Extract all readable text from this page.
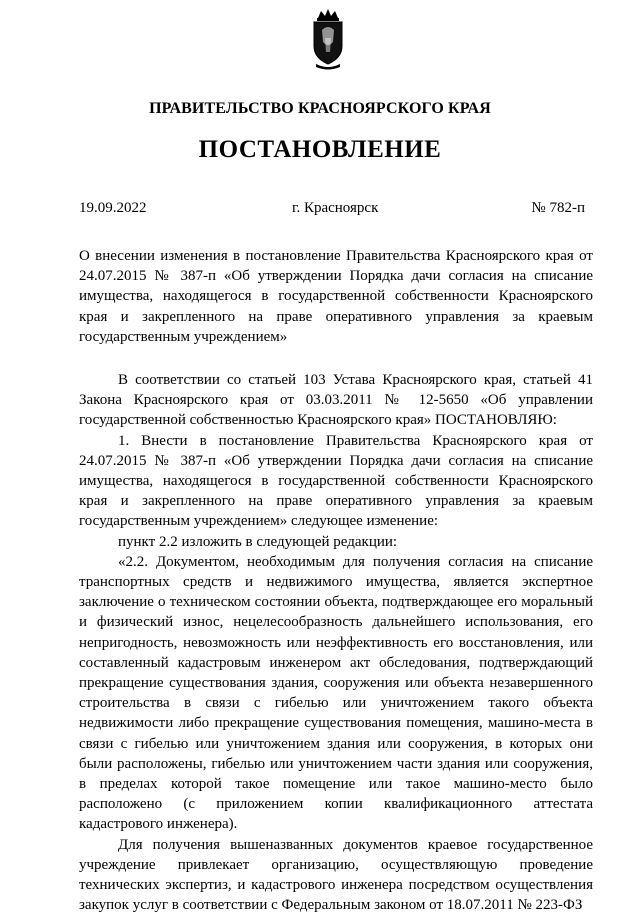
ПРАВИТЕЛЬСТВО КРАСНОЯРСКОГО КРАЯ
ПОСТАНОВЛЕНИЕ
19.09.2022	г. Красноярск	№ 782-п

О внесении изменения в постановление Правительства Красноярского края от 24.07.2015 № 387-п «Об утверждении Порядка дачи согласия на списание имущества, находящегося в государственной собственности Красноярского края и закрепленного на праве оперативного управления за краевым государственным учреждением»

В соответствии со статьей 103 Устава Красноярского края, статьей 41 Закона Красноярского края от 03.03.2011 № 12-5650 «Об управлении государственной собственностью Красноярского края» ПОСТАНОВЛЯЮ:

1. Внести в постановление Правительства Красноярского края от 24.07.2015 № 387-п «Об утверждении Порядка дачи согласия на списание имущества, находящегося в государственной собственности Красноярского края и закрепленного на праве оперативного управления за краевым государственным учреждением» следующее изменение:

пункт 2.2 изложить в следующей редакции:

«2.2. Документом, необходимым для получения согласия на списание транспортных средств и недвижимого имущества, является экспертное заключение о техническом состоянии объекта, подтверждающее его моральный и физический износ, нецелесообразность дальнейшего использования, его непригодность, невозможность или неэффективность его восстановления, или составленный кадастровым инженером акт обследования, подтверждающий прекращение существования здания, сооружения или объекта незавершенного строительства в связи с гибелью или уничтожением такого объекта недвижимости либо прекращение существования помещения, машино-места в связи с гибелью или уничтожением здания или сооружения, в которых они были расположены, гибелью или уничтожением части здания или сооружения, в пределах которой такое помещение или такое машино-место было расположено (с приложением копии квалификационного аттестата кадастрового инженера).

Для получения вышеназванных документов краевое государственное учреждение привлекает организацию, осуществляющую проведение технических экспертиз, и кадастрового инженера посредством осуществления закупок услуг в соответствии с Федеральным законом от 18.07.2011 № 223-ФЗ
